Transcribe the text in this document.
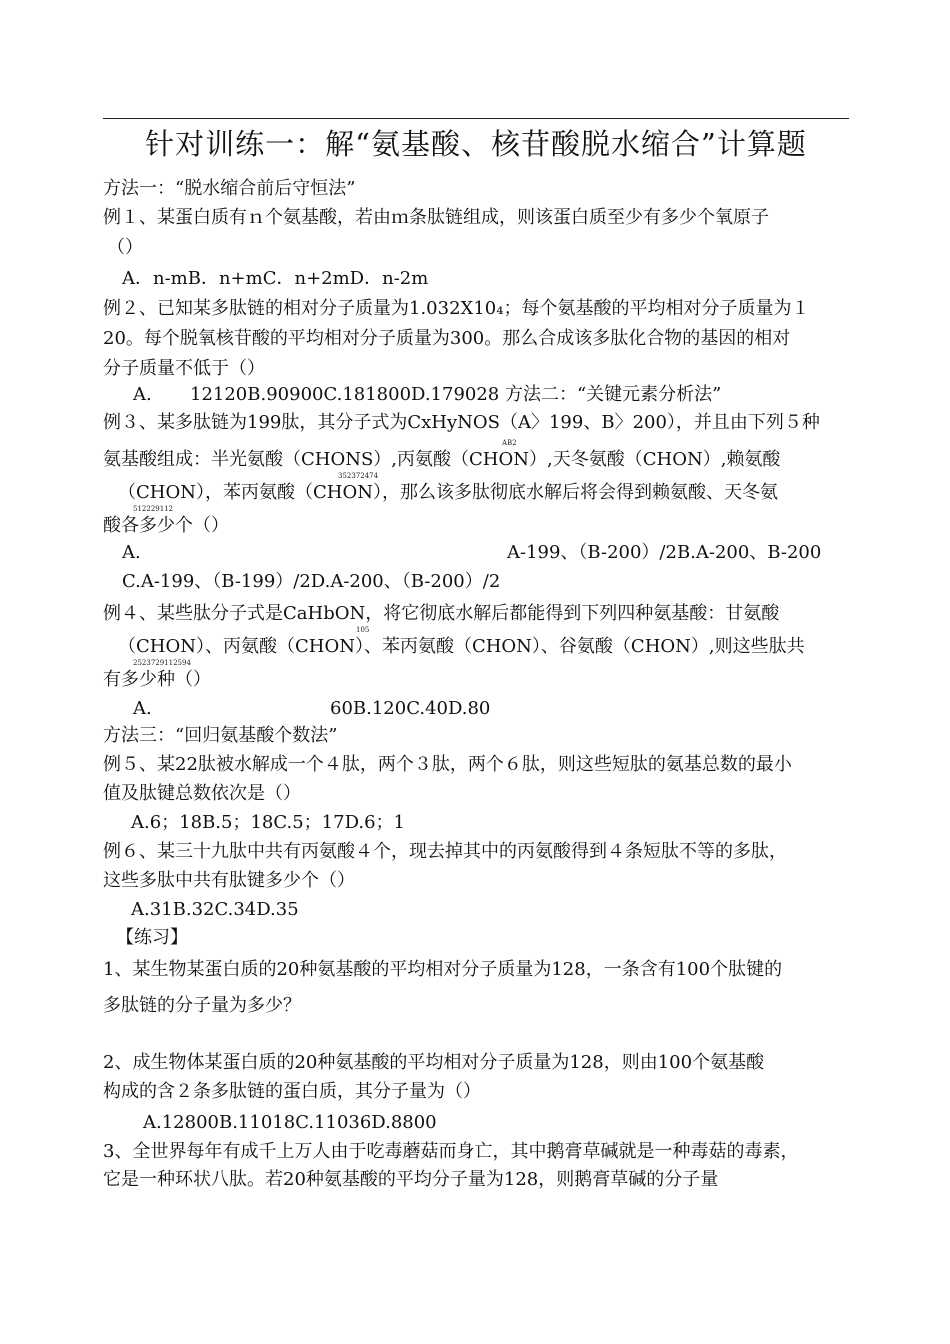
针对训练一：解“氨基酸、核苷酸脱水缩合”计算题
方法一：“脱水缩合前后守恒法”
例１、某蛋白质有ｎ个氨基酸，若由ｍ条肽链组成，则该蛋白质至少有多少个氧原子
（）
A．n-mB．n+mC．n+2mD．n-2m
例２、已知某多肽链的相对分子质量为1.032X10₄；每个氨基酸的平均相对分子质量为１
20。每个脱氧核苷酸的平均相对分子质量为300。那么合成该多肽化合物的基因的相对
分子质量不低于（）
A. 12120B.90900C.181800D.179028 方法二：“关键元素分析法”
例３、某多肽链为199肽，其分子式为CxHyNOS（A〉199、B〉200），并且由下列５种
AB2
氨基酸组成：半光氨酸（CHONS）,丙氨酸（CHON）,天冬氨酸（CHON）,赖氨酸
352372474
（CHON），苯丙氨酸（CHON），那么该多肽彻底水解后将会得到赖氨酸、天冬氨
512229112
酸各多少个（）
A.	A-199、（B-200）/2B.A-200、B-200
C.A-199、（B-199）/2D.A-200、（B-200）/2
例４、某些肽分子式是CaHbON，将它彻底水解后都能得到下列四种氨基酸：甘氨酸
105
（CHON）、丙氨酸（CHON）、苯丙氨酸（CHON）、谷氨酸（CHON）,则这些肽共
2523729112594
有多少种（）
A.	60B.120C.40D.80
方法三：“回归氨基酸个数法”
例５、某22肽被水解成一个４肽，两个３肽，两个６肽，则这些短肽的氨基总数的最小
值及肽键总数依次是（）
A.6；18B.5；18C.5；17D.6；1
例６、某三十九肽中共有丙氨酸４个，现去掉其中的丙氨酸得到４条短肽不等的多肽，
这些多肽中共有肽键多少个（）
A.31B.32C.34D.35
【练习】
1、某生物某蛋白质的20种氨基酸的平均相对分子质量为128，一条含有100个肽键的
多肽链的分子量为多少？
2、成生物体某蛋白质的20种氨基酸的平均相对分子质量为128，则由100个氨基酸
构成的含２条多肽链的蛋白质，其分子量为（）
A.12800B.11018C.11036D.8800
3、全世界每年有成千上万人由于吃毒蘑菇而身亡，其中鹅膏草碱就是一种毒菇的毒素，
它是一种环状八肽。若20种氨基酸的平均分子量为128，则鹅膏草碱的分子量
